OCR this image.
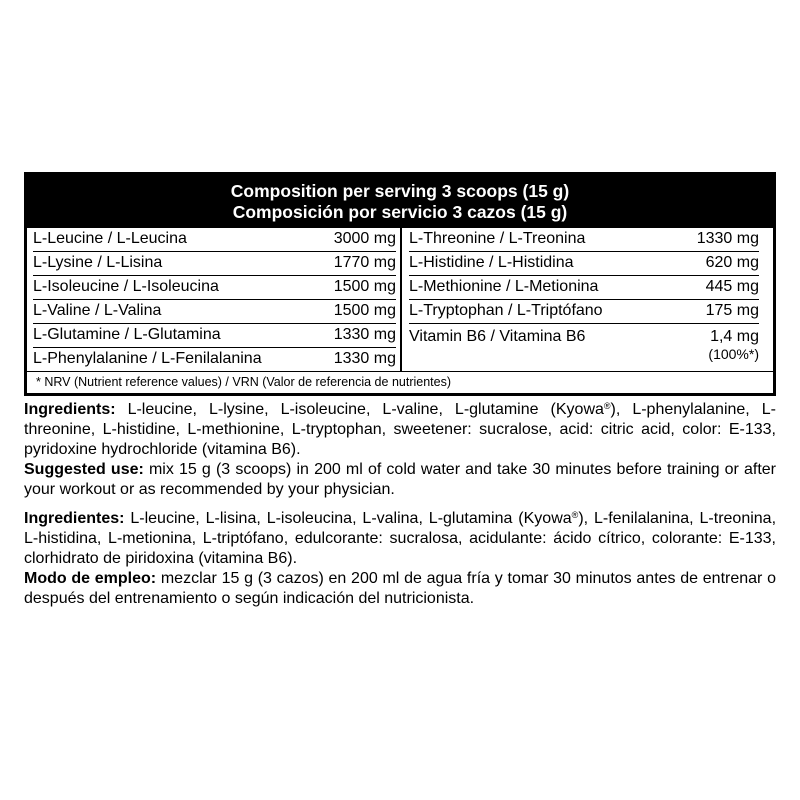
Composition per serving 3 scoops (15 g)
Composición por servicio 3 cazos (15 g)
L-Leucine / L-Leucina	3000 mg
L-Lysine / L-Lisina	1770 mg
L-Isoleucine / L-Isoleucina	1500 mg
L-Valine / L-Valina	1500 mg
L-Glutamine / L-Glutamina	1330 mg
L-Phenylalanine / L-Fenilalanina	1330 mg
L-Threonine / L-Treonina	1330 mg
L-Histidine / L-Histidina	620 mg
L-Methionine / L-Metionina	445 mg
L-Tryptophan / L-Triptófano	175 mg
Vitamin B6 / Vitamina B6	1,4 mg
(100%*)
* NRV (Nutrient reference values) / VRN (Valor de referencia de nutrientes)

Ingredients: L-leucine, L-lysine, L-isoleucine, L-valine, L-glutamine (Kyowa®), L-phenylalanine, L-threonine, L-histidine, L-methionine, L-tryptophan, sweetener: sucralose, acid: citric acid, color: E-133, pyridoxine hydrochloride (vitamina B6).

Suggested use: mix 15 g (3 scoops) in 200 ml of cold water and take 30 minutes before training or after your workout or as recommended by your physician.

Ingredientes: L-leucine, L-lisina, L-isoleucina, L-valina, L-glutamina (Kyowa®), L-fenilalanina, L-treonina, L-histidina, L-metionina, L-triptófano, edulcorante: sucralosa, acidulante: ácido cítrico, colorante: E-133, clorhidrato de piridoxina (vitamina B6).

Modo de empleo: mezclar 15 g (3 cazos) en 200 ml de agua fría y tomar 30 minutos antes de entrenar o después del entrenamiento o según indicación del nutricionista.
